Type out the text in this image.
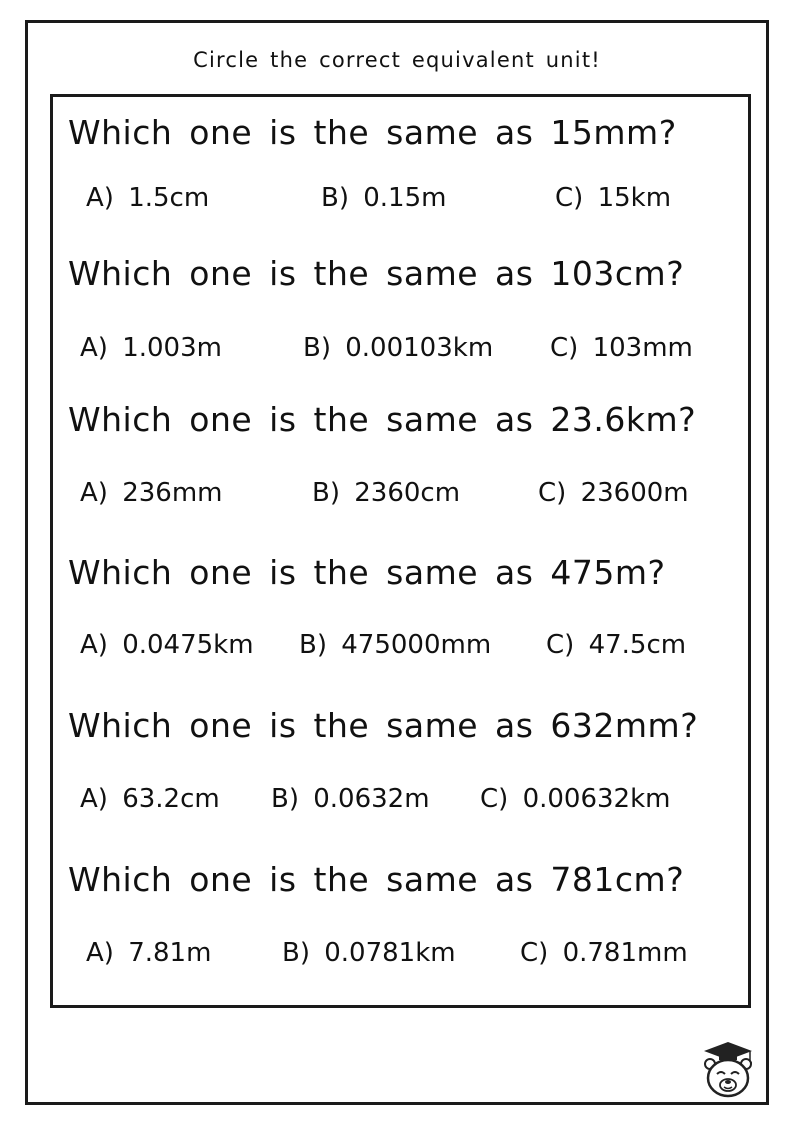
Circle the correct equivalent unit!
Which one is the same as 15mm?
A) 1.5cm	B) 0.15m	C) 15km
Which one is the same as 103cm?
A) 1.003m	B) 0.00103km C) 103mm
Which one is the same as 23.6km?
A) 236mm	B) 2360cm	C) 23600m
Which one is the same as 475m?
A) 0.0475km B) 475000mm C) 47.5cm
Which one is the same as 632mm?
A) 63.2cm B) 0.0632m C) 0.00632km
Which one is the same as 781cm?
A) 7.81m	B) 0.0781km C) 0.781mm
